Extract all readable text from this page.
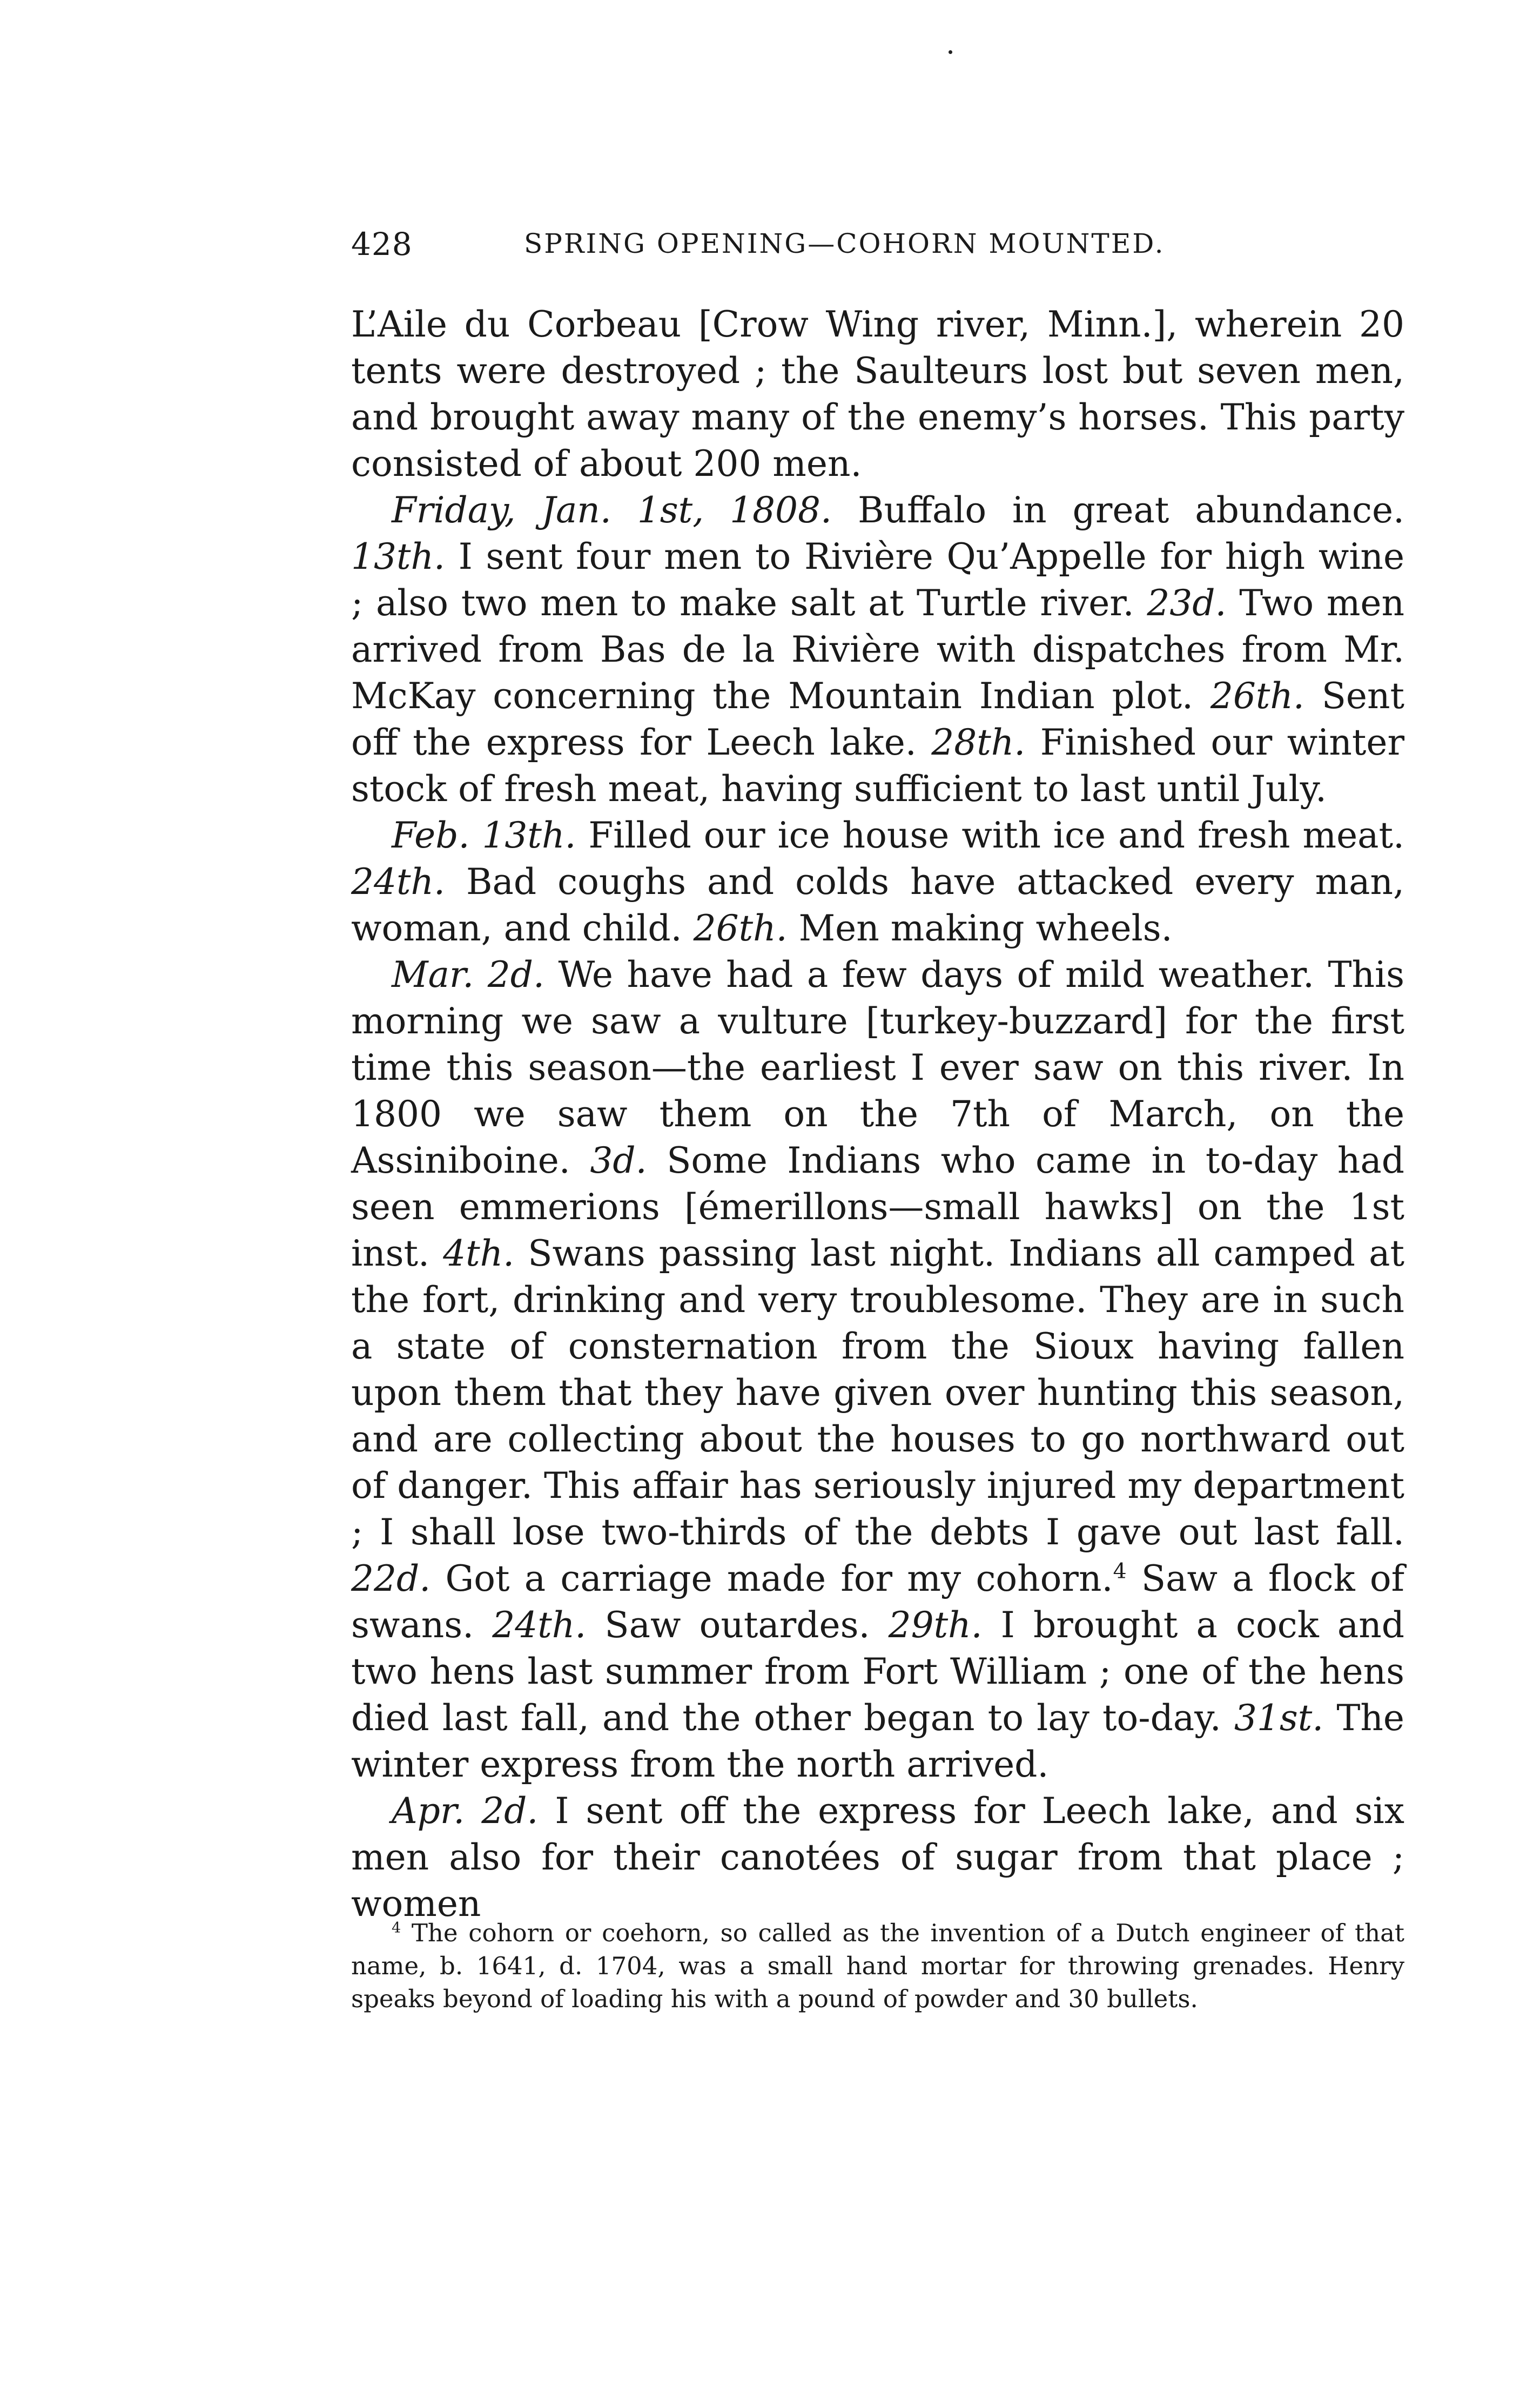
428	SPRING OPENING—COHORN MOUNTED.

L’Aile du Corbeau [Crow Wing river, Minn.], wherein 20 tents were destroyed ; the Saulteurs lost but seven men, and brought away many of the enemy’s horses. This party consisted of about 200 men.

Friday, Jan. 1st, 1808. Buffalo in great abundance. 13th. I sent four men to Rivière Qu’Appelle for high wine ; also two men to make salt at Turtle river. 23d. Two men arrived from Bas de la Rivière with dispatches from Mr. McKay concerning the Mountain Indian plot. 26th. Sent off the express for Leech lake. 28th. Finished our winter stock of fresh meat, having sufficient to last until July.

Feb. 13th. Filled our ice house with ice and fresh meat. 24th. Bad coughs and colds have attacked every man, woman, and child. 26th. Men making wheels.

Mar. 2d. We have had a few days of mild weather. This morning we saw a vulture [turkey-buzzard] for the first time this season—the earliest I ever saw on this river. In 1800 we saw them on the 7th of March, on the Assiniboine. 3d. Some Indians who came in to-day had seen emmerions [émerillons—small hawks] on the 1st inst. 4th. Swans passing last night. Indians all camped at the fort, drinking and very troublesome. They are in such a state of consternation from the Sioux having fallen upon them that they have given over hunting this season, and are collecting about the houses to go northward out of danger. This affair has seriously injured my department ; I shall lose two-thirds of the debts I gave out last fall. 22d. Got a carriage made for my cohorn.$^4$ Saw a flock of swans. 24th. Saw outardes. 29th. I brought a cock and two hens last summer from Fort William ; one of the hens died last fall, and the other began to lay to-day. 31st. The winter express from the north arrived.

Apr. 2d. I sent off the express for Leech lake, and six men also for their canotées of sugar from that place ; women

$^4$ The cohorn or coehorn, so called as the invention of a Dutch engineer of that name, b. 1641, d. 1704, was a small hand mortar for throwing grenades. Henry speaks beyond of loading his with a pound of powder and 30 bullets.
